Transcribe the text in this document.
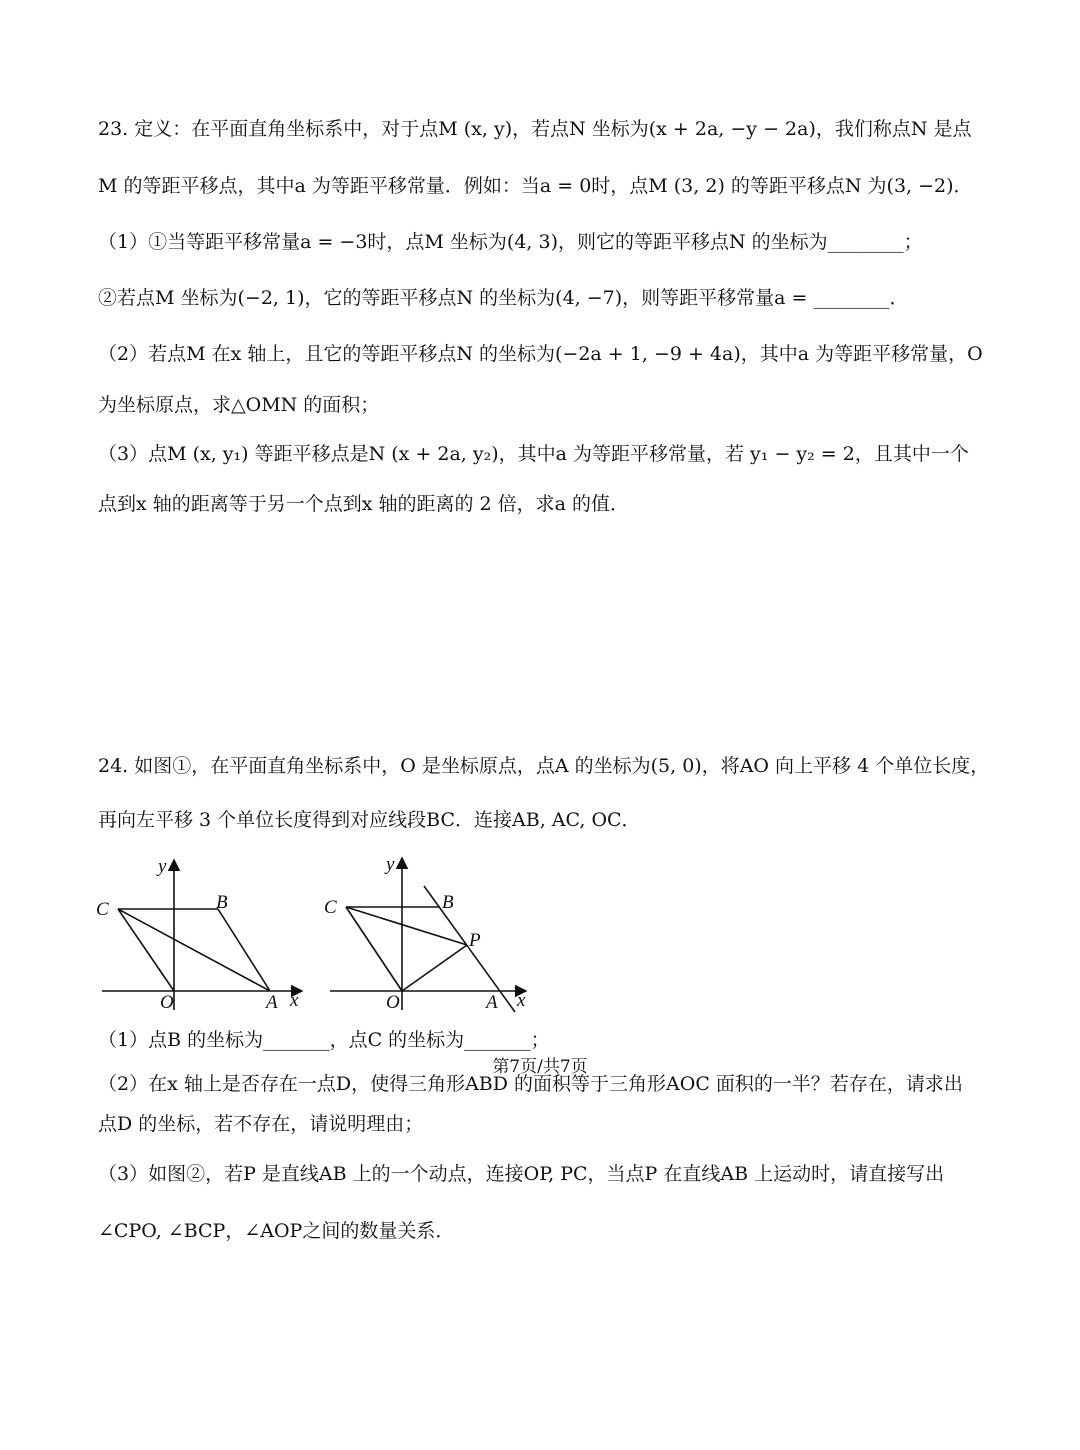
23. 定义：在平面直角坐标系中，对于点M (x, y)，若点N 坐标为(x + 2a, −y − 2a)，我们称点N 是点
M 的等距平移点，其中a 为等距平移常量．例如：当a = 0时，点M (3, 2) 的等距平移点N 为(3, −2)．
（1）①当等距平移常量a = −3时，点M 坐标为(4, 3)，则它的等距平移点N 的坐标为________；
②若点M 坐标为(−2, 1)，它的等距平移点N 的坐标为(4, −7)，则等距平移常量a = ________．
（2）若点M 在x 轴上，且它的等距平移点N 的坐标为(−2a + 1, −9 + 4a)，其中a 为等距平移常量，O
为坐标原点，求△OMN 的面积；
（3）点M (x, y₁) 等距平移点是N (x + 2a, y₂)，其中a 为等距平移常量，若 y₁ − y₂ = 2，且其中一个
点到x 轴的距离等于另一个点到x 轴的距离的 2 倍，求a 的值．
24. 如图①，在平面直角坐标系中，O 是坐标原点，点A 的坐标为(5, 0)，将AO 向上平移 4 个单位长度，
再向左平移 3 个单位长度得到对应线段BC．连接AB, AC, OC．
y
C	B
O	A x
y
C	B
P
O	A x
（1）点B 的坐标为_______，点C 的坐标为_______；
（2）在x 轴上是否存在一点D，使得三角形ABD 的面积等于三角形AOC 面积的一半？若存在，请求出
点D 的坐标，若不存在，请说明理由；
（3）如图②，若P 是直线AB 上的一个动点，连接OP, PC，当点P 在直线AB 上运动时，请直接写出
∠CPO, ∠BCP，∠AOP之间的数量关系．
第7页/共7页
